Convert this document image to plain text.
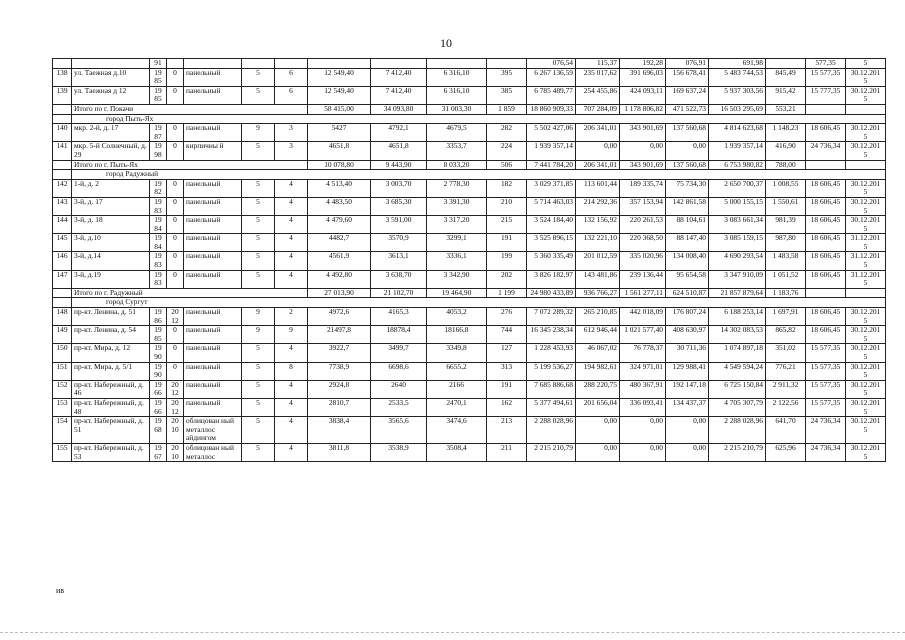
10
		91									076,54	115,37	192,28	076,91	691,98		577,35	5
138	ул. Таежная д.10	19 85	0	панельный	5	6	12 549,40	7 412,40	6 316,10	395	6 267 136,59	235 017,62	391 696,03	156 678,41	5 483 744,53	845,49	15 577,35	30.12.201 5
139	ул. Таежная д 12	19 85	0	панельный	5	6	12 549,40	7 412,40	6 316,10	385	6 785 489,77	254 455,86	424 093,11	169 637,24	5 937 303,56	915,42	15 777,35	30.12.201 5
	Итого по г. Покачи						58 415,00	34 093,80	31 003,30	1 859	18 860 909,33	707 284,09	1 178 806,82	471 522,73	16 503 295,69	553,21		
	город Пыть-Ях																	
140	мкр. 2-й, д. 17	19 87	0	панельный	9	3	5427	4792,1	4679,5	282	5 502 427,06	206 341,01	343 901,69	137 560,68	4 814 623,68	1 148,23	18 606,45	30.12.201 5
141	мкр. 5-й Солнечный, д. 29	19 98	0	кирпичны й	5	3	4651,8	4651,8	3353,7	224	1 939 357,14	0,00	0,00	0,00	1 939 357,14	416,90	24 736,34	30.12.201 5
	Итого по г. Пыть-Ях						10 078,80	9 443,90	8 033,20	506	7 441 784,20	206 341,01	343 901,69	137 560,68	6 753 980,82	788,00		
	город Радужный																	
142	1-й, д. 2	19 82	0	панельный	5	4	4 513,40	3 003,70	2 778,30	182	3 029 371,85	113 601,44	189 335,74	75 734,30	2 650 700,37	1 008,55	18 606,45	30.12.201 5
143	3-й, д. 17	19 83	0	панельный	5	4	4 483,50	3 685,30	3 391,30	210	5 714 463,03	214 292,36	357 153,94	142 861,58	5 000 155,15	1 550,61	18 606,45	30.12.201 5
144	3-й, д. 18	19 84	0	панельный	5	4	4 479,60	3 591,00	3 317,20	215	3 524 184,40	132 156,92	220 261,53	88 104,61	3 083 661,34	981,39	18 606,45	30.12.201 5
145	3-й, д.10	19 84	0	панельный	5	4	4482,7	3570,9	3299,1	191	3 525 896,15	132 221,10	220 368,50	88 147,40	3 085 159,15	987,80	18 606,45	31.12.201 5
146	3-й, д.14	19 83	0	панельный	5	4	4561,9	3613,1	3336,1	199	5 360 335,49	201 012,59	335 020,96	134 008,40	4 690 293,54	1 483,58	18 606,45	31.12.201 5
147	3-й, д.19	19 83	0	панельный	5	4	4 492,80	3 638,70	3 342,90	202	3 826 182,97	143 481,86	239 136,44	95 654,58	3 347 910,09	1 051,52	18 606,45	31.12.201 5
	Итого по г. Радужный						27 013,90	21 102,70	19 464,90	1 199	24 980 433,89	936 766,27	1 561 277,11	624 510,87	21 857 879,64	1 183,76		
	город Сургут																	
148	пр-кт. Ленина, д. 51	19 86	20 12	панельный	9	2	4972,6	4165,3	4053,2	276	7 072 289,32	265 210,85	442 018,09	176 807,24	6 188 253,14	1 697,91	18 606,45	30.12.201 5
149	пр-кт. Ленина, д. 54	19 85	0	панельный	9	9	21497,8	18878,4	18166,8	744	16 345 238,34	612 946,44	1 021 577,40	408 630,97	14 302 083,53	865,82	18 606,45	30.12.201 5
150	пр-кт. Мира, д. 12	19 90	0	панельный	5	4	3922,7	3499,7	3349,8	127	1 228 453,93	46 067,02	76 778,37	30 711,36	1 074 897,18	351,02	15 577,35	30.12.201 5
151	пр-кт. Мира, д. 5/1	19 90	0	панельный	5	8	7738,9	6698,6	6655,2	313	5 199 536,27	194 982,61	324 971,01	129 988,41	4 549 594,24	776,21	15 577,35	30.12.201 5
152	пр-кт. Набережный, д. 46	19 66	20 12	панельный	5	4	2924,8	2640	2166	191	7 685 886,68	288 220,75	480 367,91	192 147,18	6 725 150,84	2 911,32	15 577,35	30.12.201 5
153	пр-кт. Набережный, д. 48	19 66	20 12	панельный	5	4	2810,7	2533,5	2470,1	162	5 377 494,61	201 656,04	336 093,41	134 437,37	4 705 307,79	2 122,56	15 577,35	30.12.201 5
154	пр-кт. Набережный, д. 51	19 68	20 10	облицован ный металлос айдингом	5	4	3838,4	3565,6	3474,6	213	2 288 028,96	0,00	0,00	0,00	2 288 028,96	641,70	24 736,34	30.12.201 5
155	пр-кт. Набережный, д. 53	19 67	20 10	облицован ный металлос	5	4	3811,8	3538,9	3508,4	211	2 215 210,79	0,00	0,00	0,00	2 215 210,79	625,96	24 736,34	30.12.201 5
ив
